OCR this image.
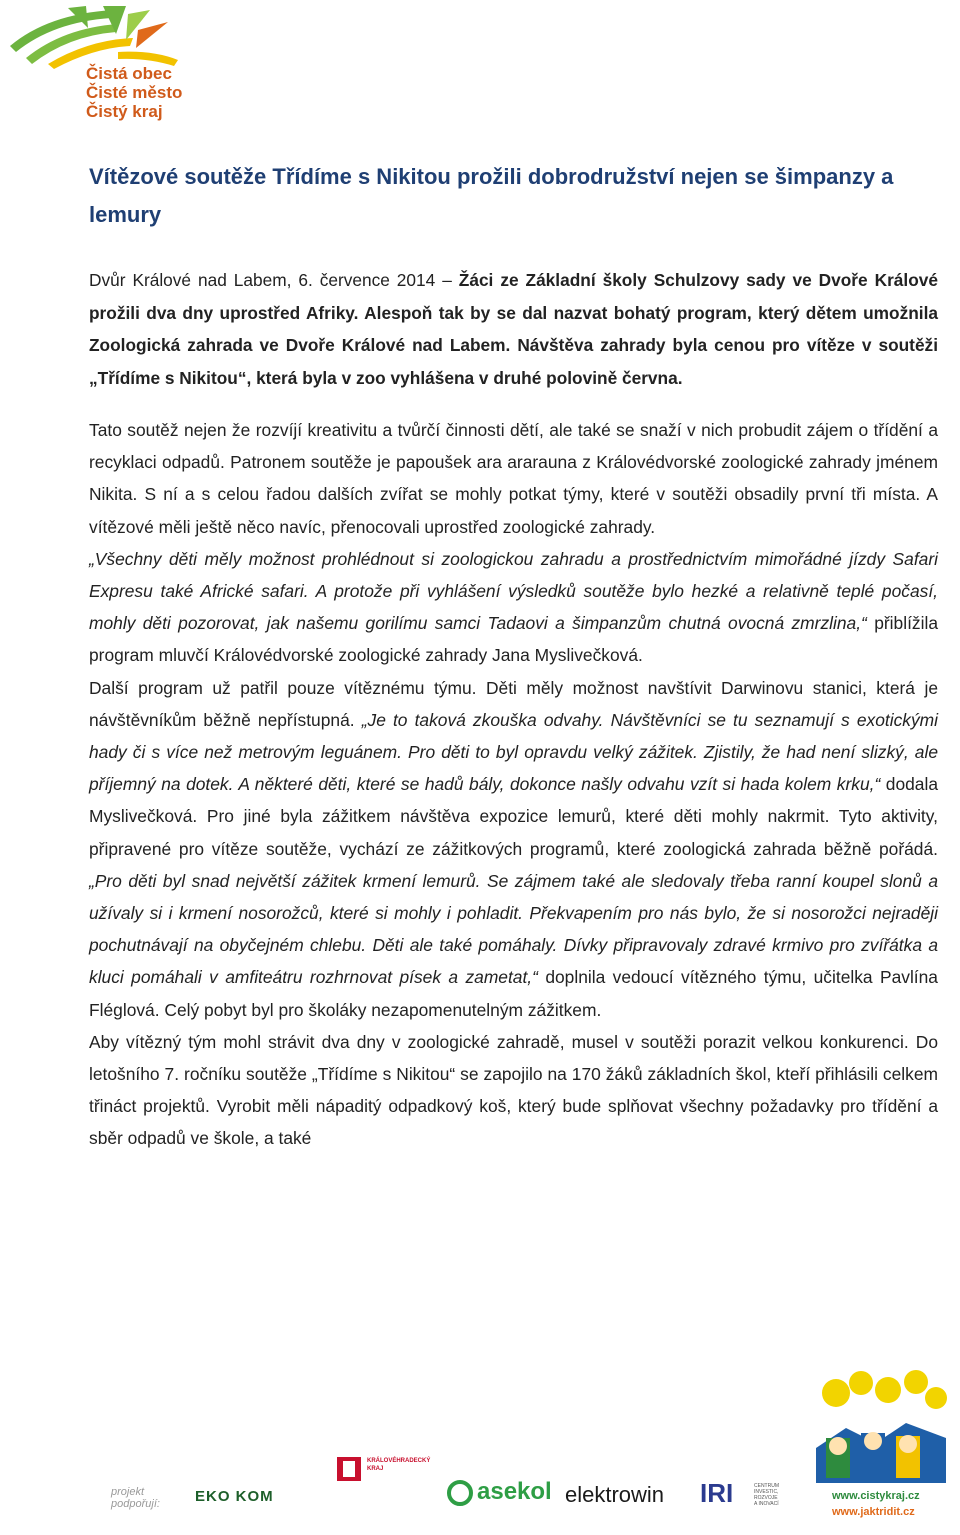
Čistá obec
Čisté město
Čistý kraj
Vítězové soutěže Třídíme s Nikitou prožili dobrodružství nejen se šimpanzy a lemury

Dvůr Králové nad Labem, 6. července 2014 – Žáci ze Základní školy Schulzovy sady ve Dvoře Králové prožili dva dny uprostřed Afriky. Alespoň tak by se dal nazvat bohatý program, který dětem umožnila Zoologická zahrada ve Dvoře Králové nad Labem. Návštěva zahrady byla cenou pro vítěze v soutěži „Třídíme s Nikitou“, která byla v zoo vyhlášena v druhé polovině června.

Tato soutěž nejen že rozvíjí kreativitu a tvůrčí činnosti dětí, ale také se snaží v nich probudit zájem o třídění a recyklaci odpadů. Patronem soutěže je papoušek ara ararauna z Královédvorské zoologické zahrady jménem Nikita. S ní a s celou řadou dalších zvířat se mohly potkat týmy, které v soutěži obsadily první tři místa. A vítězové měli ještě něco navíc, přenocovali uprostřed zoologické zahrady.

„Všechny děti měly možnost prohlédnout si zoologickou zahradu a prostřednictvím mimořádné jízdy Safari Expresu také Africké safari. A protože při vyhlášení výsledků soutěže bylo hezké a relativně teplé počasí, mohly děti pozorovat, jak našemu gorilímu samci Tadaovi a šimpanzům chutná ovocná zmrzlina,“ přiblížila program mluvčí Královédvorské zoologické zahrady Jana Myslivečková.

Další program už patřil pouze vítěznému týmu. Děti měly možnost navštívit Darwinovu stanici, která je návštěvníkům běžně nepřístupná. „Je to taková zkouška odvahy. Návštěvníci se tu seznamují s exotickými hady či s více než metrovým leguánem. Pro děti to byl opravdu velký zážitek. Zjistily, že had není slizký, ale příjemný na dotek. A některé děti, které se hadů bály, dokonce našly odvahu vzít si hada kolem krku,“ dodala Myslivečková. Pro jiné byla zážitkem návštěva expozice lemurů, které děti mohly nakrmit. Tyto aktivity, připravené pro vítěze soutěže, vychází ze zážitkových programů, které zoologická zahrada běžně pořádá. „Pro děti byl snad největší zážitek krmení lemurů. Se zájmem také ale sledovaly třeba ranní koupel slonů a užívaly si i krmení nosorožců, které si mohly i pohladit. Překvapením pro nás bylo, že si nosorožci nejraději pochutnávají na obyčejném chlebu. Děti ale také pomáhaly. Dívky připravovaly zdravé krmivo pro zvířátka a kluci pomáhali v amfiteátru rozhrnovat písek a zametat,“ doplnila vedoucí vítězného týmu, učitelka Pavlína Fléglová. Celý pobyt byl pro školáky nezapomenutelným zážitkem.

Aby vítězný tým mohl strávit dva dny v zoologické zahradě, musel v soutěži porazit velkou konkurenci. Do letošního 7. ročníku soutěže „Třídíme s Nikitou“ se zapojilo na 170 žáků základních škol, kteří přihlásili celkem třináct projektů. Vyrobit měli nápaditý odpadkový koš, který bude splňovat všechny požadavky pro třídění a sběr odpadů ve škole, a také

projekt
podpořují: EKO KOM
KRÁLOVÉHRADECKÝ
KRAJ
asekol elektrowin IRI	CENTRUM
INVESTIC, ROZVOJE
A INOVACÍ
www.cistykraj.cz
www.jaktridit.cz
